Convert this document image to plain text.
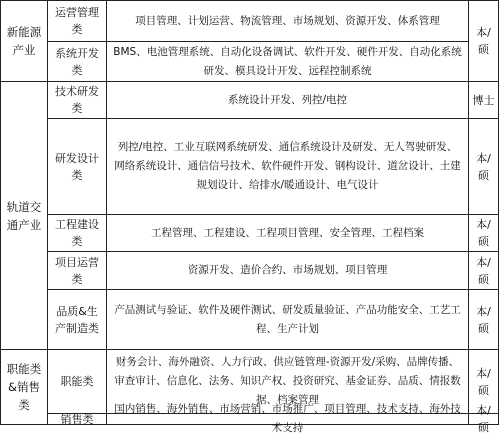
新能源产业
轨道交通产业
职能类&销售类
运营管理类
系统开发类
技术研发类
研发设计类
工程建设类
项目运营类
品质&生产制造类
职能类
销售类
项目管理、计划运营、物流管理、市场规划、资源开发、体系管理
BMS、电池管理系统、自动化设备调试、软件开发、硬件开发、自动化系统研发、模具设计开发、远程控制系统
系统设计开发、列控/电控
列控/电控、工业互联网系统研发、通信系统设计及研发、无人驾驶研发、网络系统设计、通信信号技术、软件硬件开发、钢构设计、道岔设计、土建规划设计、给排水/暖通设计、电气设计
工程管理、工程建设、工程项目管理、安全管理、工程档案
资源开发、造价合约、市场规划、项目管理
产品测试与验证、软件及硬件测试、研发质量验证、产品功能安全、工艺工程、生产计划
财务会计、海外融资、人力行政、供应链管理-资源开发/采购、品牌传播、审查审计、信息化、法务、知识产权、投资研究、基金证券、品质、情报数据、档案管理
国内销售、海外销售、市场营销、市场推广、项目管理、技术支持、海外技术支持
本/硕
博士
本/硕
本/硕
本/硕
本/硕
本/硕
本/硕
